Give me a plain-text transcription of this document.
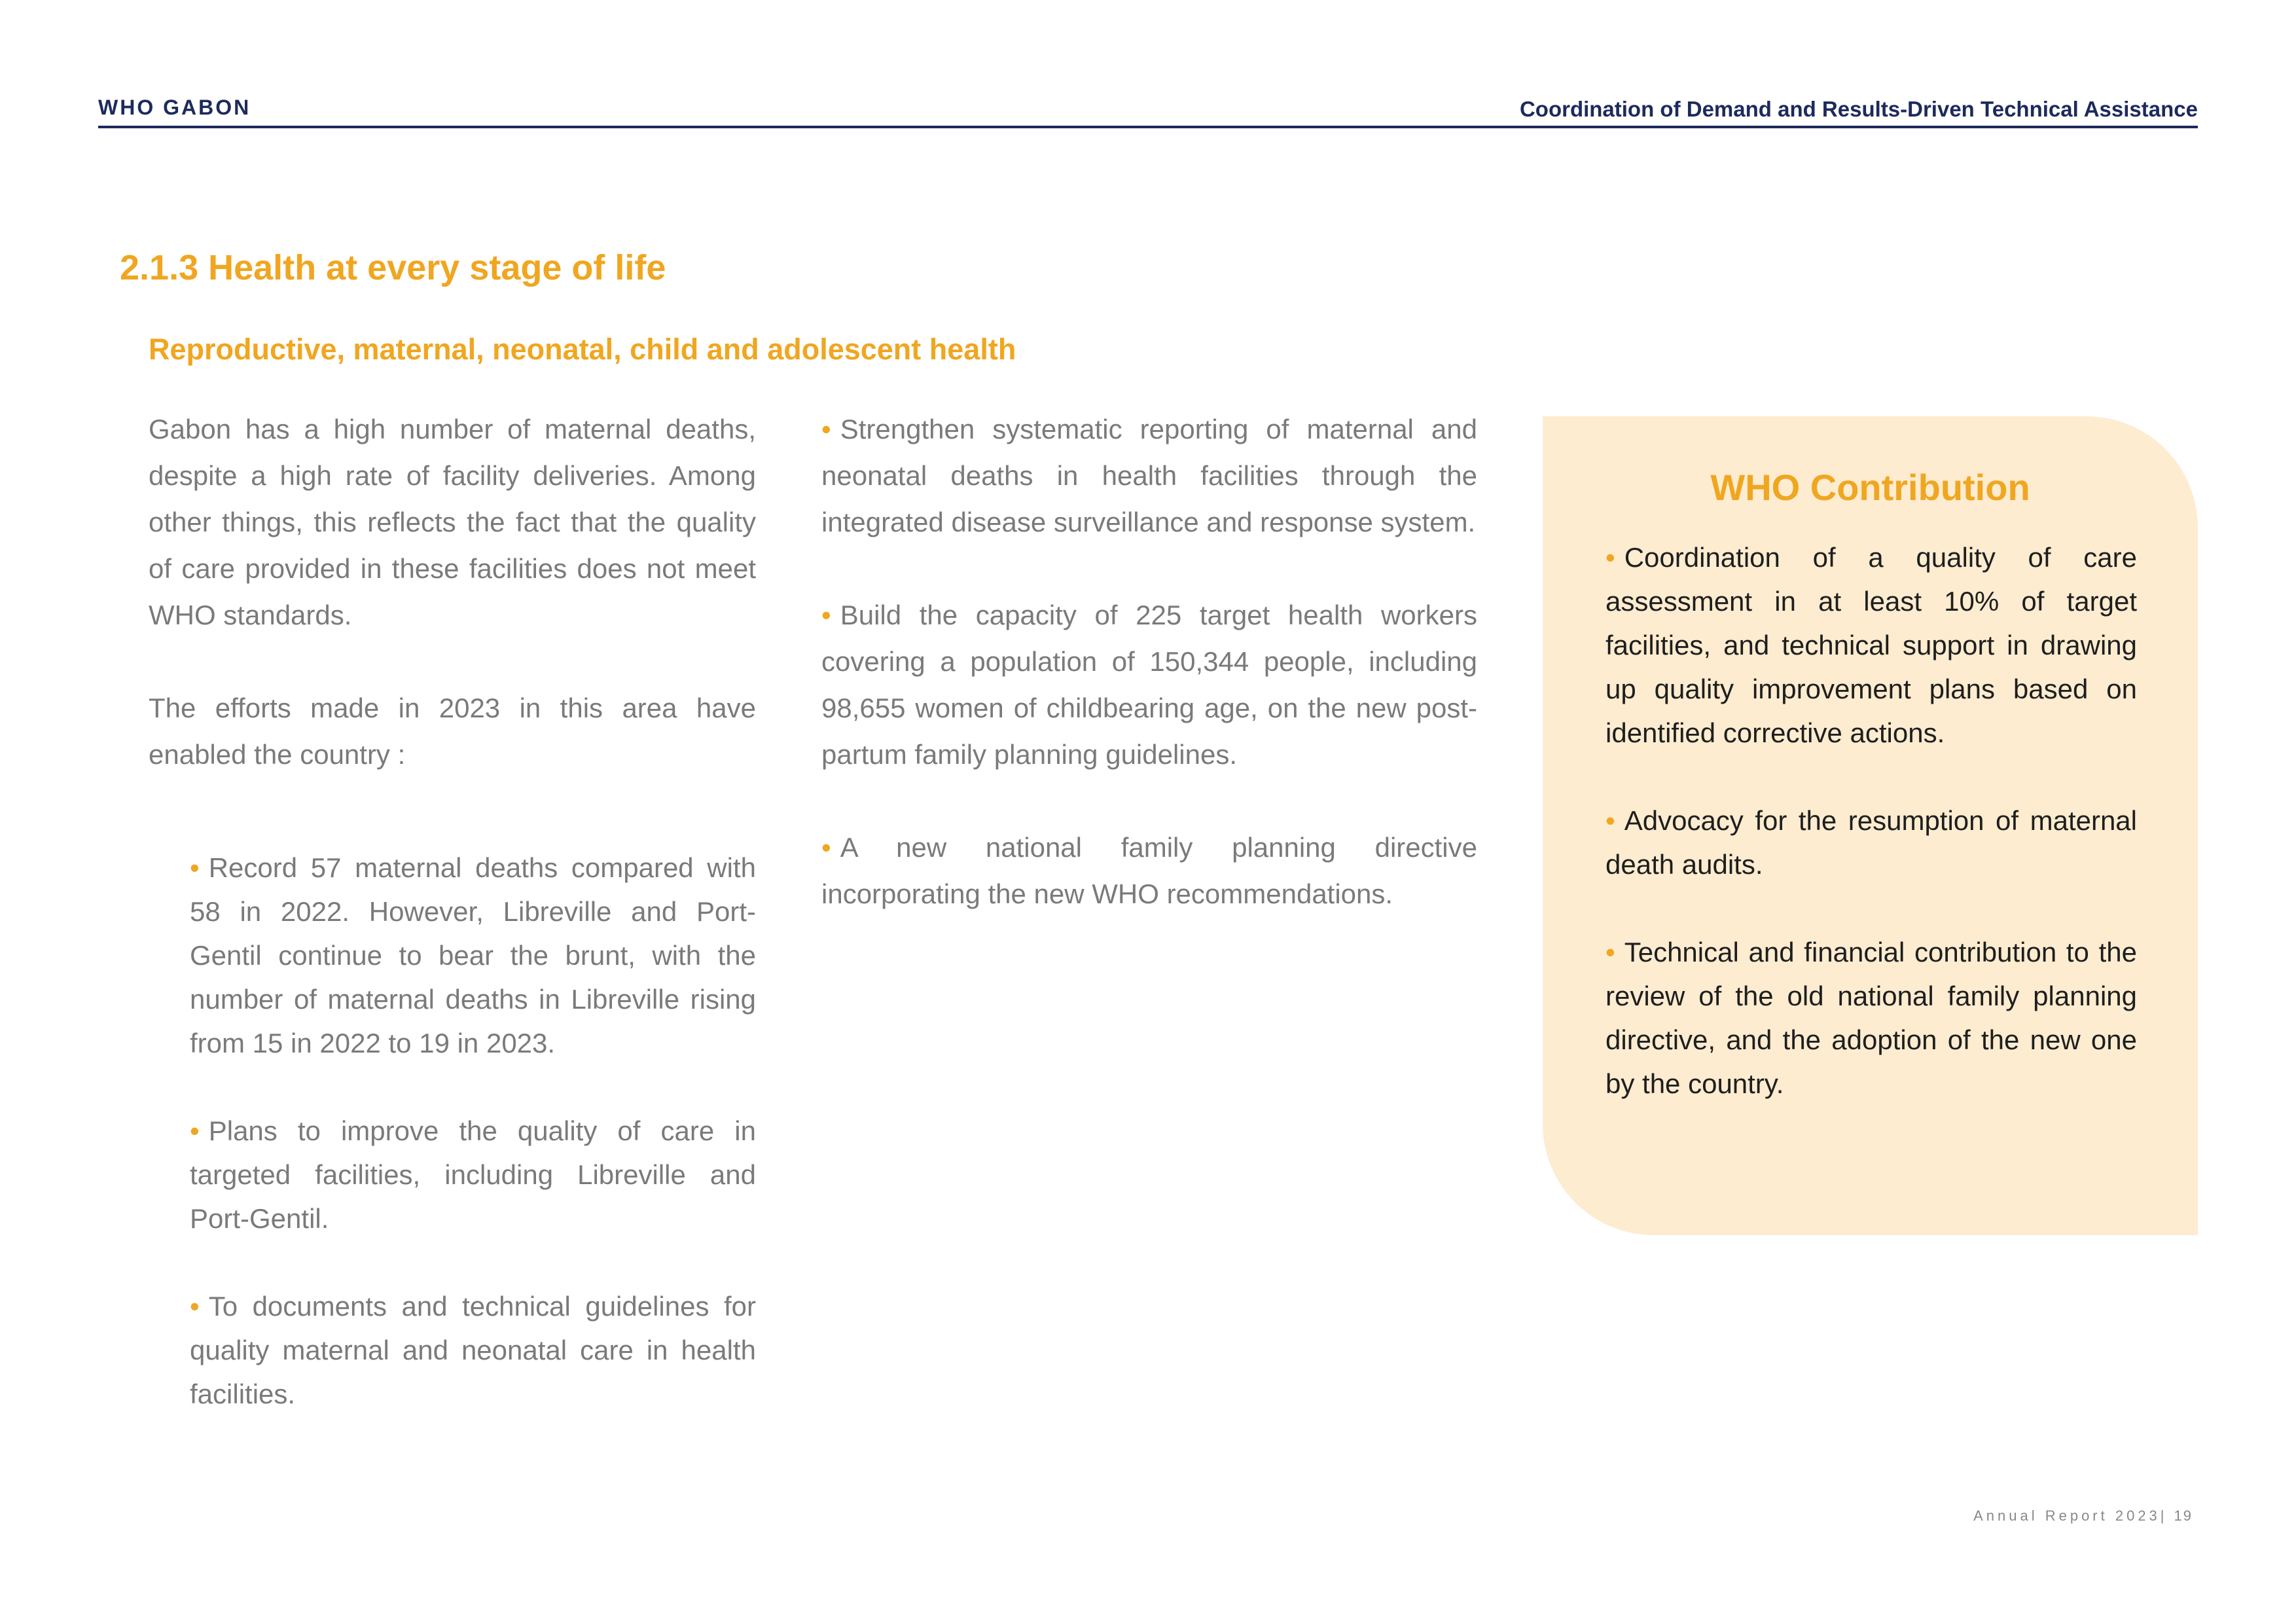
WHO GABON	Coordination of Demand and Results-Driven Technical Assistance
2.1.3 Health at every stage of life
Reproductive, maternal, neonatal, child and adolescent health

Gabon has a high number of maternal deaths, despite a high rate of facility deliveries. Among other things, this reflects the fact that the quality of care provided in these facilities does not meet WHO standards.

The efforts made in 2023 in this area have enabled the country :

• Record 57 maternal deaths compared with 58 in 2022. However, Libreville and Port-Gentil continue to bear the brunt, with the number of maternal deaths in Libreville rising from 15 in 2022 to 19 in 2023.

• Plans to improve the quality of care in targeted facilities, including Libreville and Port-Gentil.

• To documents and technical guidelines for quality maternal and neonatal care in health facilities.

• Strengthen systematic reporting of maternal and neonatal deaths in health facilities through the integrated disease surveillance and response system.

• Build the capacity of 225 target health workers covering a population of 150,344 people, including 98,655 women of childbearing age, on the new post-partum family planning guidelines.

• A new national family planning directive incorporating the new WHO recommendations.

WHO Contribution

• Coordination of a quality of care assessment in at least 10% of target facilities, and technical support in drawing up quality improvement plans based on identified corrective actions.

• Advocacy for the resumption of maternal death audits.

• Technical and financial contribution to the review of the old national family planning directive, and the adoption of the new one by the country.

Annual Report 2023| 19
